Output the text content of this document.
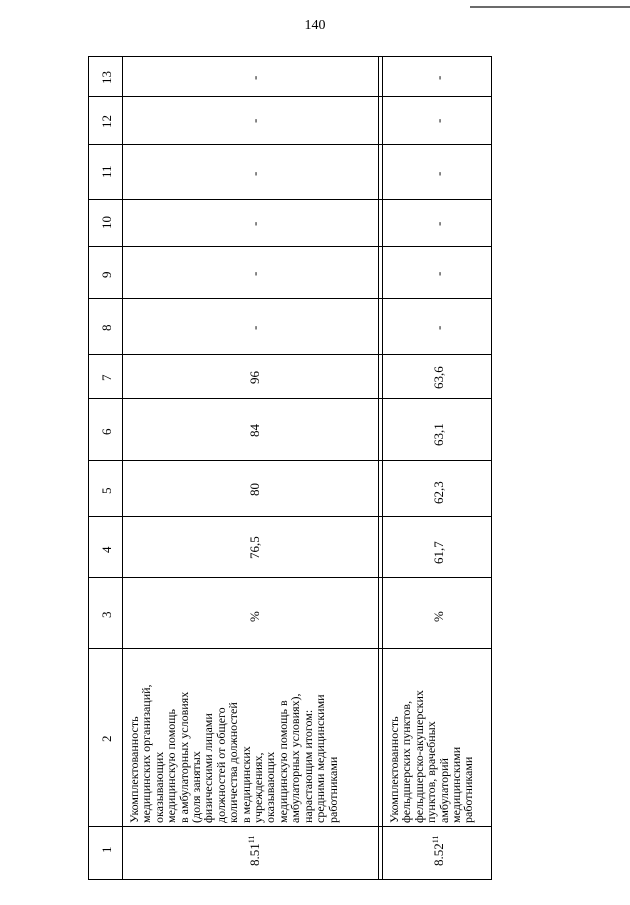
140
1
2
3
4
5
6
7
8
9
10
11
12
13
8.51$^{11}$
Укомплектованность
медицинских организаций,
оказывающих
медицинскую помощь
в амбулаторных условиях
(доля занятых
физическими лицами
должностей от общего
количества должностей
в медицинских
учреждениях,
оказывающих
медицинскую помощь в
амбулаторных условиях),
нарастающим итогом:
средними медицинскими
работниками
%
76,5
80
84
96
-
-
-
-
-
-
8.52$^{11}$
Укомплектованность
фельдшерских пунктов,
фельдшерско-акушерских
пунктов, врачебных
амбулаторий
медицинскими
работниками
%
61,7
62,3
63,1
63,6
-
-
-
-
-
-
